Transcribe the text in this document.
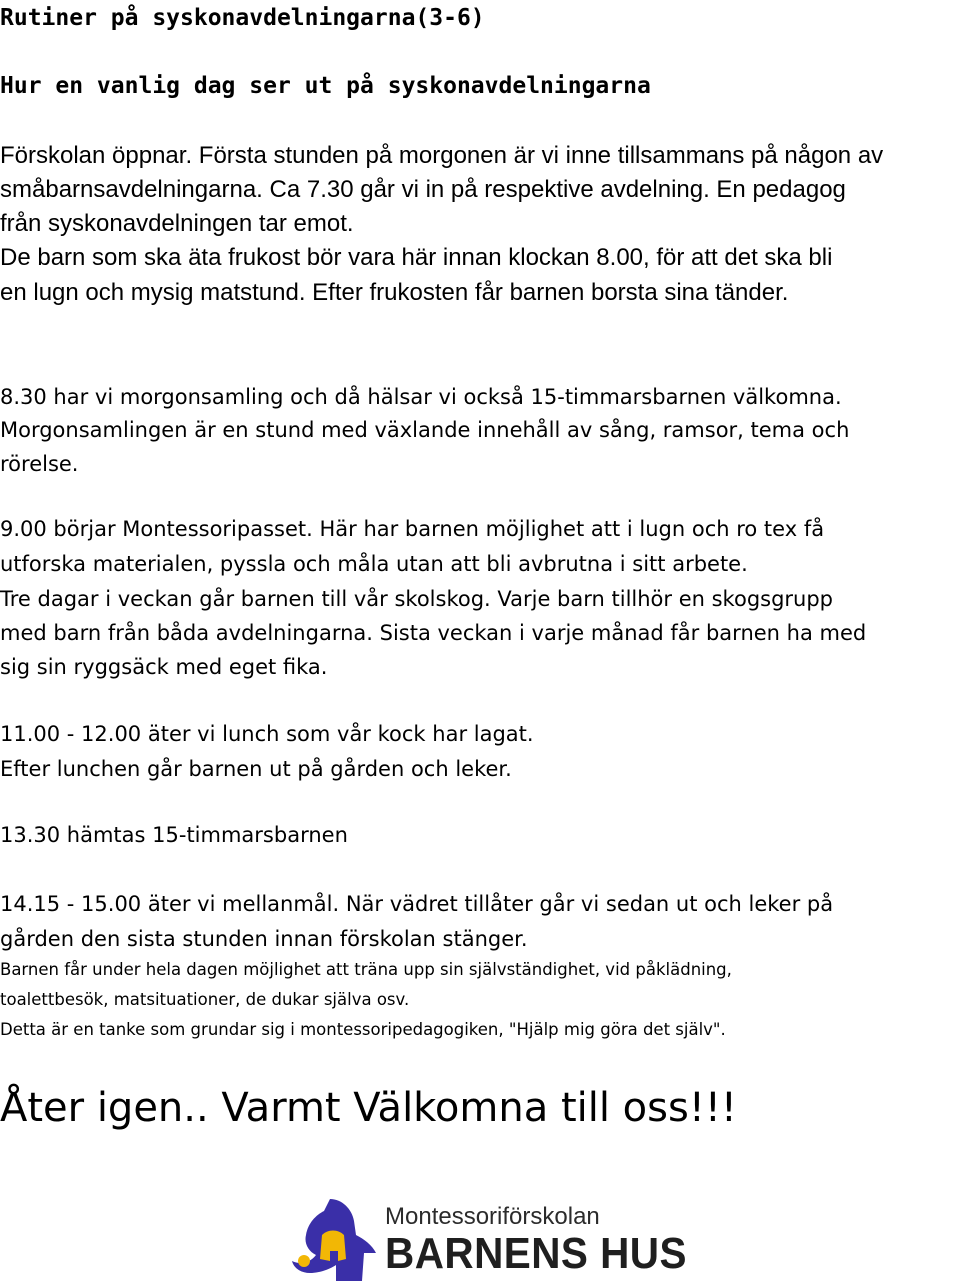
Rutiner på syskonavdelningarna(3-6)
Hur en vanlig dag ser ut på syskonavdelningarna

Förskolan öppnar. Första stunden på morgonen är vi inne tillsammans på någon av

småbarnsavdelningarna. Ca 7.30 går vi in på respektive avdelning. En pedagog

från syskonavdelningen tar emot.

De barn som ska äta frukost bör vara här innan klockan 8.00, för att det ska bli

en lugn och mysig matstund. Efter frukosten får barnen borsta sina tänder.

8.30 har vi morgonsamling och då hälsar vi också 15-timmarsbarnen välkomna.

Morgonsamlingen är en stund med växlande innehåll av sång, ramsor, tema och

rörelse.

9.00 börjar Montessoripasset. Här har barnen möjlighet att i lugn och ro tex få

utforska materialen, pyssla och måla utan att bli avbrutna i sitt arbete.

Tre dagar i veckan går barnen till vår skolskog. Varje barn tillhör en skogsgrupp

med barn från båda avdelningarna. Sista veckan i varje månad får barnen ha med

sig sin ryggsäck med eget fika.

11.00 - 12.00 äter vi lunch som vår kock har lagat.

Efter lunchen går barnen ut på gården och leker.

13.30 hämtas 15-timmarsbarnen

14.15 - 15.00 äter vi mellanmål. När vädret tillåter går vi sedan ut och leker på

gården den sista stunden innan förskolan stänger.

Barnen får under hela dagen möjlighet att träna upp sin självständighet, vid påklädning,

toalettbesök, matsituationer, de dukar själva osv.

Detta är en tanke som grundar sig i montessoripedagogiken, "Hjälp mig göra det själv".

Åter igen.. Varmt Välkomna till oss!!!

Montessoriförskolan
BARNENS HUS
